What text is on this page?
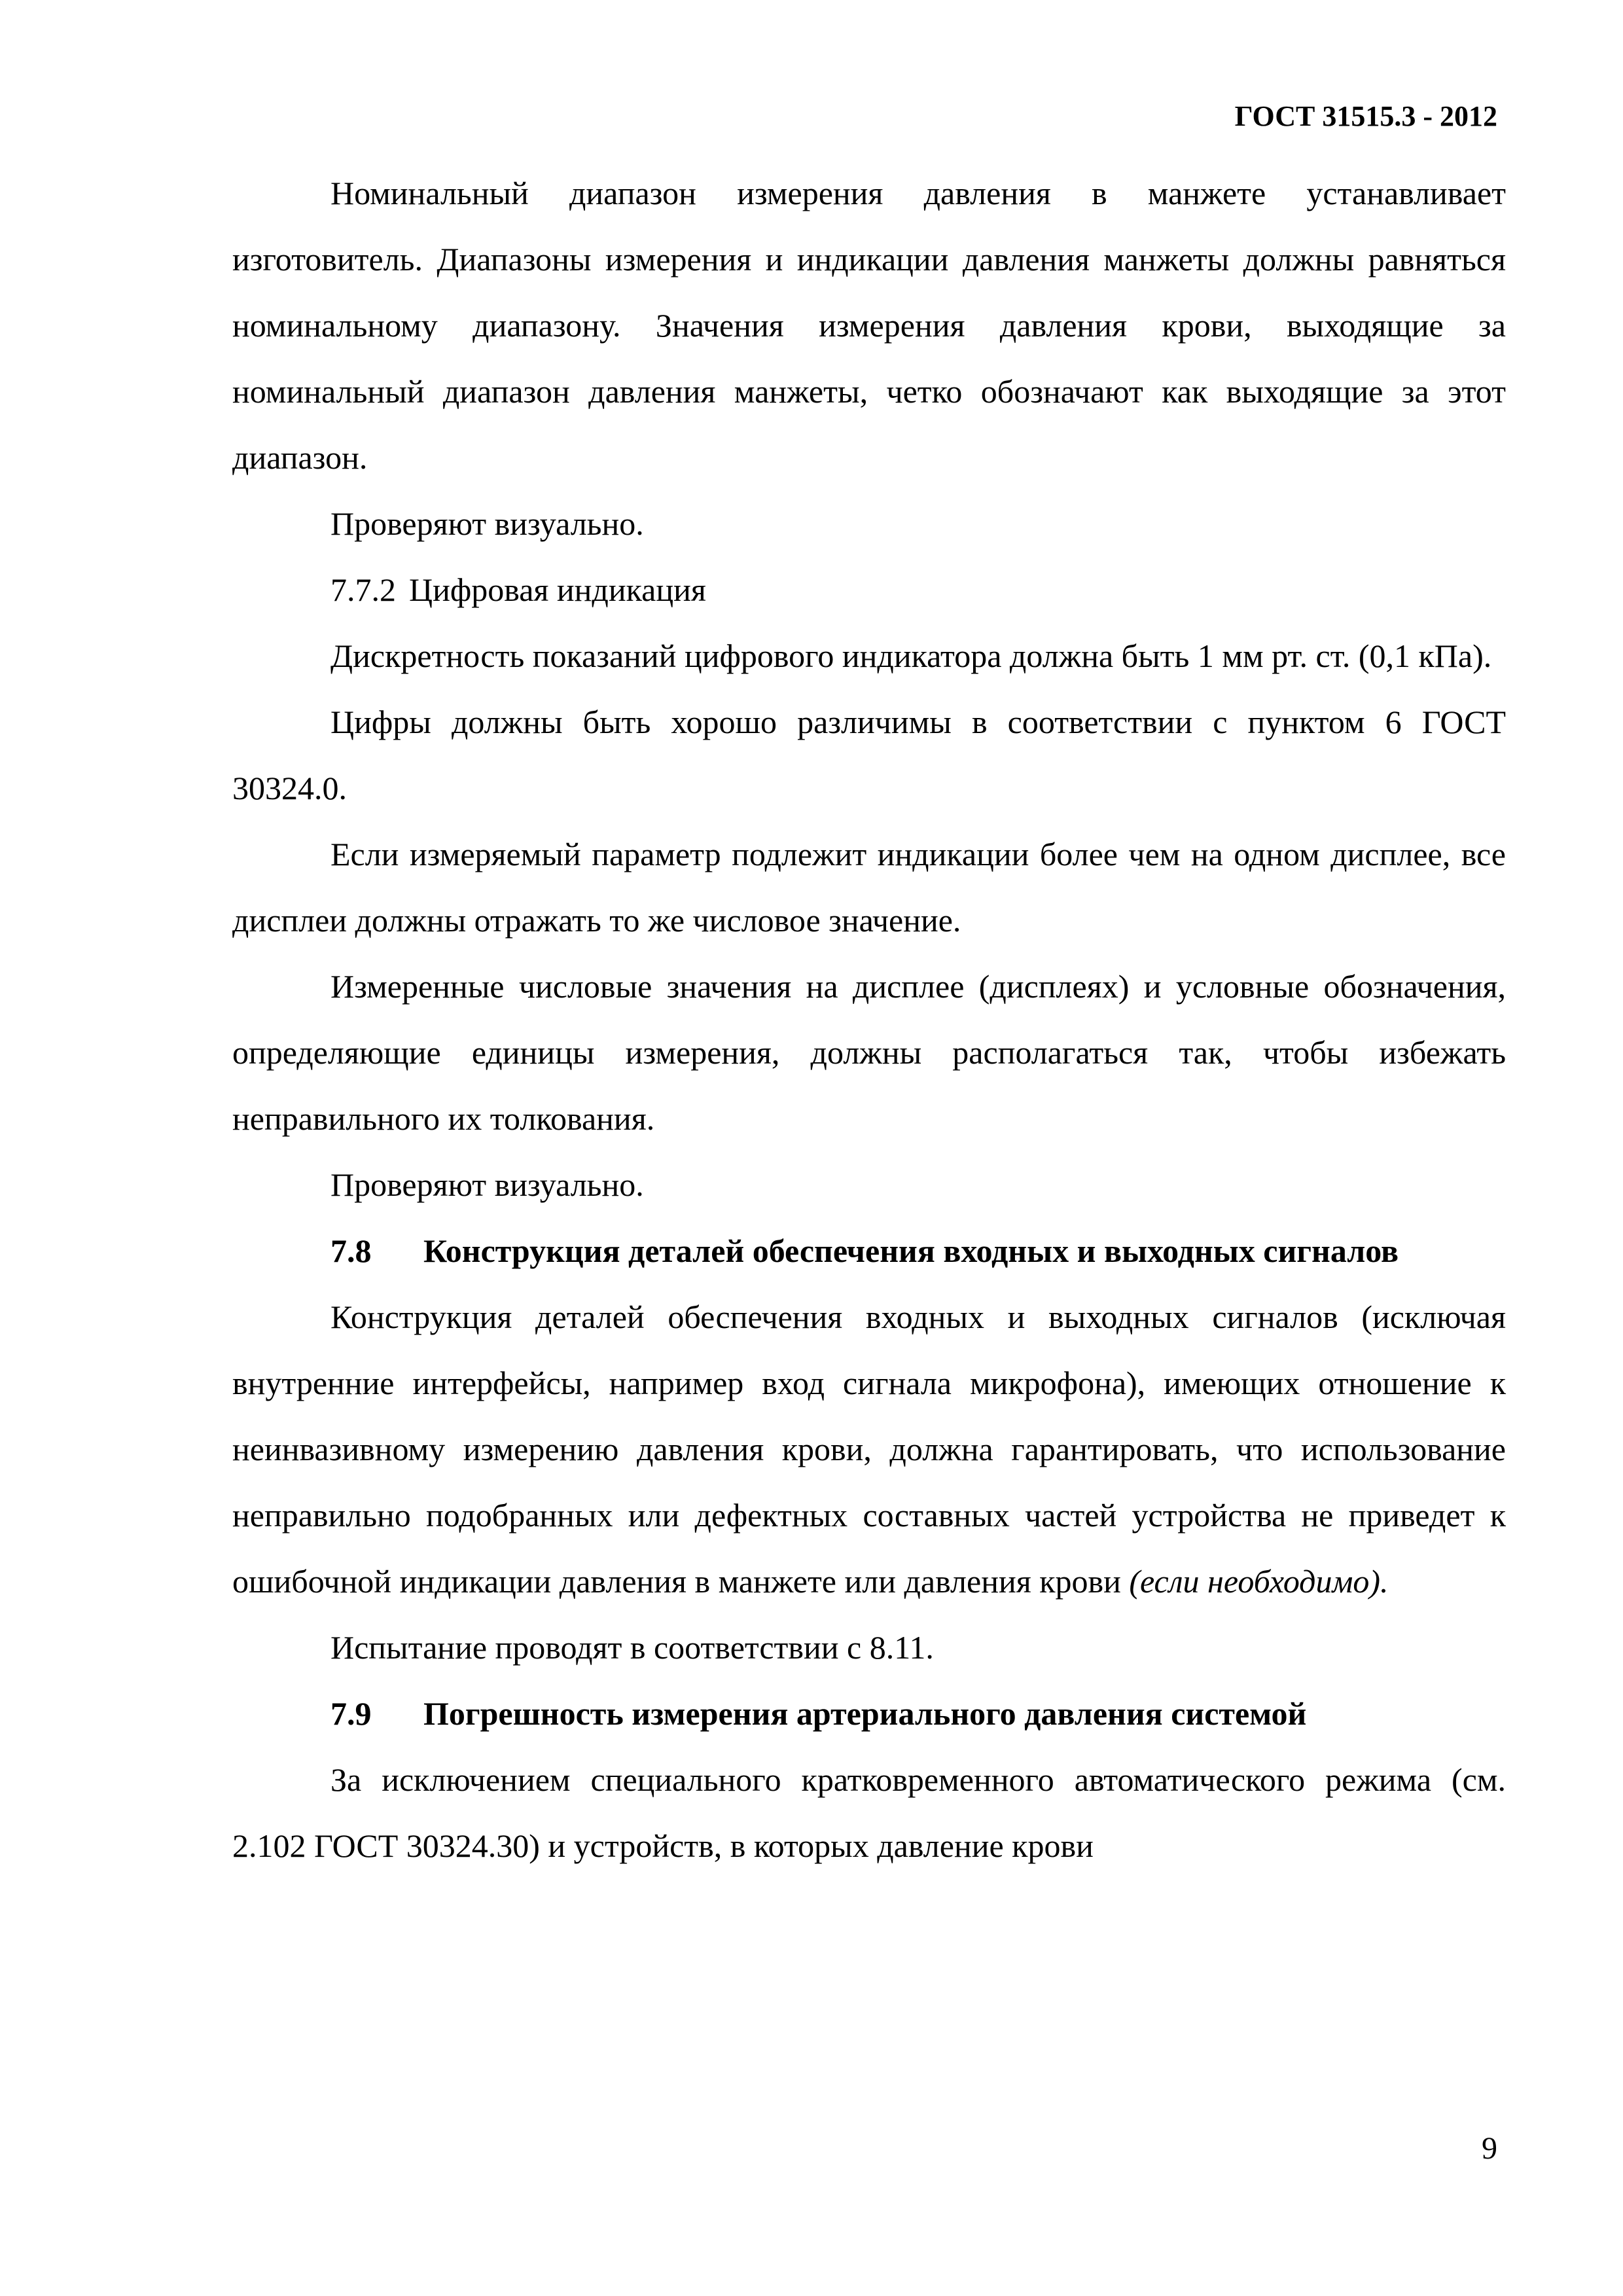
ГОСТ 31515.3 - 2012

Номинальный диапазон измерения давления в манжете устанавливает изготовитель. Диапазоны измерения и индикации давления манжеты должны равняться номинальному диапазону. Значения измерения давления крови, выходящие за номинальный диапазон давления манжеты, четко обозначают как выходящие за этот диапазон.

Проверяют визуально.

7.7.2 Цифровая индикация

Дискретность показаний цифрового индикатора должна быть 1 мм рт. ст. (0,1 кПа).

Цифры должны быть хорошо различимы в соответствии с пунктом 6 ГОСТ 30324.0.

Если измеряемый параметр подлежит индикации более чем на одном дисплее, все дисплеи должны отражать то же числовое значение.

Измеренные числовые значения на дисплее (дисплеях) и условные обозначения, определяющие единицы измерения, должны располагаться так, чтобы избежать неправильного их толкования.

Проверяют визуально.

7.8 Конструкция деталей обеспечения входных и выходных сигналов

Конструкция деталей обеспечения входных и выходных сигналов (исключая внутренние интерфейсы, например вход сигнала микрофона), имеющих отношение к неинвазивному измерению давления крови, должна гарантировать, что использование неправильно подобранных или дефектных составных частей устройства не приведет к ошибочной индикации давления в манжете или давления крови (если необходимо).

Испытание проводят в соответствии с 8.11.

7.9 Погрешность измерения артериального давления системой

За исключением специального кратковременного автоматического режима (см. 2.102 ГОСТ 30324.30) и устройств, в которых давление крови

9
